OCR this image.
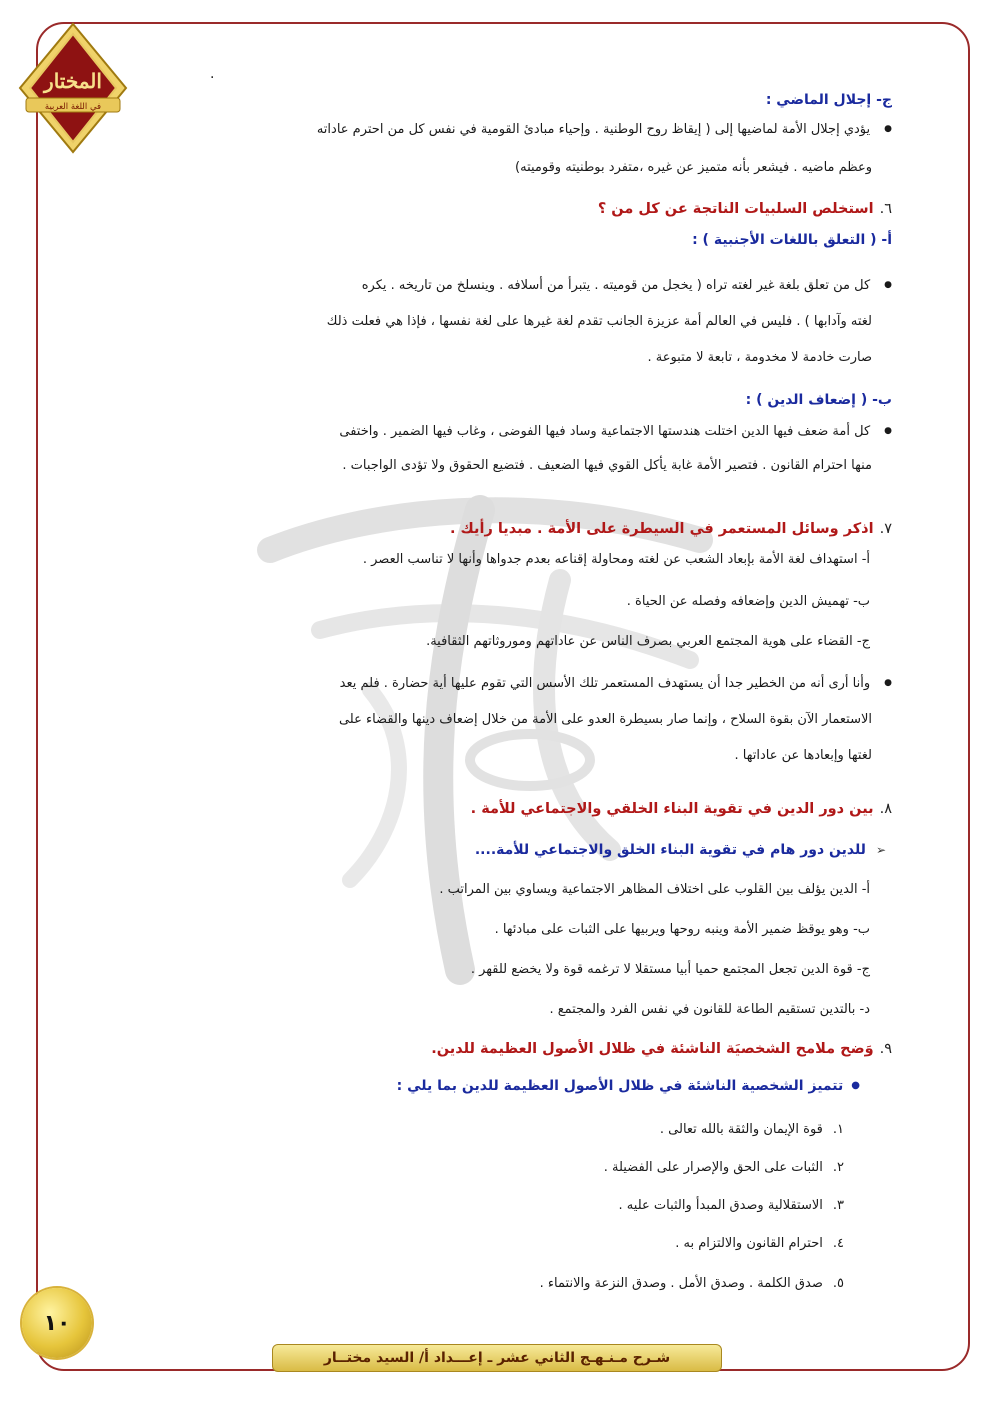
المختار
في اللغة العربية
.
ج- إجلال الماضي :
● يؤدي إجلال الأمة لماضيها إلى ( إيقاظ روح الوطنية . وإحياء مبادئ القومية في نفس كل من احترم عاداته
وعظم ماضيه . فيشعر بأنه متميز عن غيره ،متفرد بوطنيته وقوميته)
٦.استخلص السلبيات الناتجة عن كل من ؟
أ- ( التعلق باللغات الأجنبية ) :
● كل من تعلق بلغة غير لغته تراه ( يخجل من قوميته . يتبرأ من أسلافه . وينسلخ من تاريخه . يكره
لغته وآدابها ) . فليس في العالم أمة عزيزة الجانب تقدم لغة غيرها على لغة نفسها ، فإذا هي فعلت ذلك
صارت خادمة لا مخدومة ، تابعة لا متبوعة .
ب- ( إضعاف الدين ) :
● كل أمة ضعف فيها الدين اختلت هندستها الاجتماعية وساد فيها الفوضى ، وغاب فيها الضمير . واختفى
منها احترام القانون . فتصير الأمة غابة يأكل القوي فيها الضعيف . فتضيع الحقوق ولا تؤدى الواجبات .
٧.اذكر وسائل المستعمر في السيطرة على الأمة . مبديا رأيك .
أ- استهداف لغة الأمة بإبعاد الشعب عن لغته ومحاولة إقناعه بعدم جدواها وأنها لا تناسب العصر .
ب- تهميش الدين وإضعافه وفصله عن الحياة .
ج- القضاء على هوية المجتمع العربي بصرف الناس عن عاداتهم وموروثاتهم الثقافية.
● وأنا أرى أنه من الخطير جدا أن يستهدف المستعمر تلك الأسس التي تقوم عليها أية حضارة . فلم يعد
الاستعمار الآن بقوة السلاح ، وإنما صار بسيطرة العدو على الأمة من خلال إضعاف دينها والقضاء على
لغتها وإبعادها عن عاداتها .
٨.بين دور الدين في تقوية البناء الخلقي والاجتماعي للأمة .
➢ للدين دور هام في تقوية البناء الخلق والاجتماعي للأمة....
أ- الدين يؤلف بين القلوب على اختلاف المظاهر الاجتماعية ويساوي بين المراتب .
ب- وهو يوقظ ضمير الأمة وينبه روحها ويربيها على الثبات على مبادئها .
ج- قوة الدين تجعل المجتمع حميا أبيا مستقلا لا ترغمه قوة ولا يخضع للقهر .
د- بالتدين تستقيم الطاعة للقانون في نفس الفرد والمجتمع .
٩.وَضح ملامح الشخصيَة الناشئة في ظلال الأصول العظيمة للدين.
● تتميز الشخصية الناشئة في ظلال الأصول العظيمة للدين بما يلي :
١.قوة الإيمان والثقة بالله تعالى .
٢.الثبات على الحق والإصرار على الفضيلة .
٣.الاستقلالية وصدق المبدأ والثبات عليه .
٤.احترام القانون والالتزام به .
٥.صدق الكلمة . وصدق الأمل . وصدق النزعة والانتماء .
١٠
شـرح مـنـهـج الثاني عشر ـ إعـــداد أ/ السيد مختــار
